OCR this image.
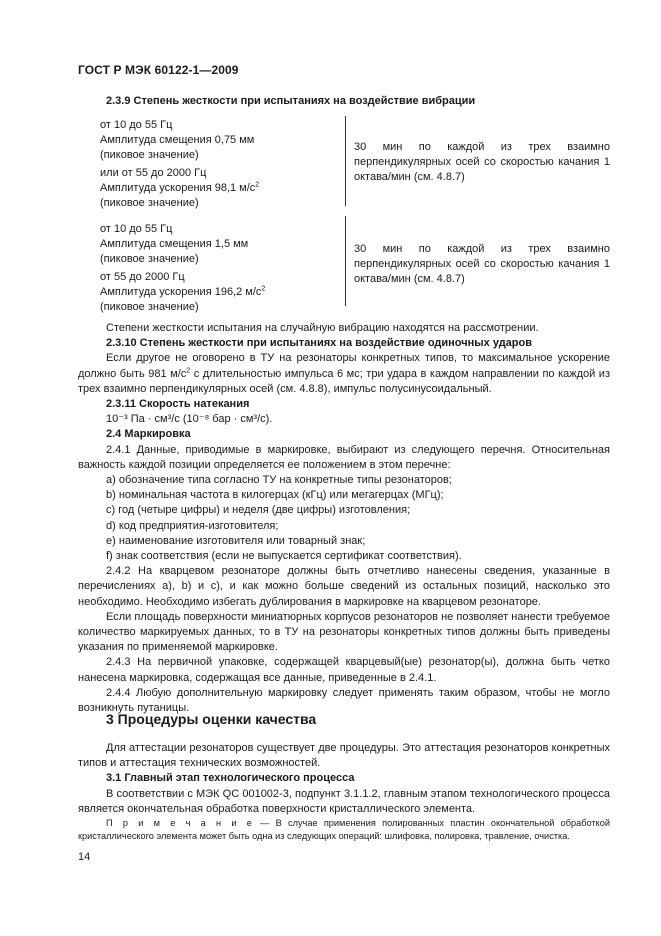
ГОСТ Р МЭК 60122-1—2009
2.3.9 Степень жесткости при испытаниях на воздействие вибрации
от 10 до 55 Гц
Амплитуда смещения 0,75 мм
(пиковое значение)
или от 55 до 2000 Гц
Амплитуда ускорения 98,1 $м/с^2$
(пиковое значение)
30 мин по каждой из трех взаимно перпендикулярных осей со скоростью качания 1 октава/мин (см. 4.8.7)
от 10 до 55 Гц
Амплитуда смещения 1,5 мм
(пиковое значение)
от 55 до 2000 Гц
Амплитуда ускорения 196,2 $м/с^2$
(пиковое значение)
30 мин по каждой из трех взаимно перпендикулярных осей со скоростью качания 1 октава/мин (см. 4.8.7)
Степени жесткости испытания на случайную вибрацию находятся на рассмотрении.
2.3.10 Степень жесткости при испытаниях на воздействие одиночных ударов
Если другое не оговорено в ТУ на резонаторы конкретных типов, то максимальное ускорение должно быть 981 $м/с^2$ с длительностью импульса 6 мс; три удара в каждом направлении по каждой из трех взаимно перпендикулярных осей (см. 4.8.8), импульс полусинусоидальный.
2.3.11 Скорость натекания
10⁻³ Па · см³/с (10⁻⁸ бар · см³/с).
2.4 Маркировка
2.4.1 Данные, приводимые в маркировке, выбирают из следующего перечня. Относительная важность каждой позиции определяется ее положением в этом перечне:
a) обозначение типа согласно ТУ на конкретные типы резонаторов;
b) номинальная частота в килогерцах (кГц) или мегагерцах (МГц);
c) год (четыре цифры) и неделя (две цифры) изготовления;
d) код предприятия-изготовителя;
e) наименование изготовителя или товарный знак;
f) знак соответствия (если не выпускается сертификат соответствия).
2.4.2 На кварцевом резонаторе должны быть отчетливо нанесены сведения, указанные в перечислениях a), b) и c), и как можно больше сведений из остальных позиций, насколько это необходимо. Необходимо избегать дублирования в маркировке на кварцевом резонаторе.
Если площадь поверхности миниатюрных корпусов резонаторов не позволяет нанести требуемое количество маркируемых данных, то в ТУ на резонаторы конкретных типов должны быть приведены указания по применяемой маркировке.
2.4.3 На первичной упаковке, содержащей кварцевый(ые) резонатор(ы), должна быть четко нанесена маркировка, содержащая все данные, приведенные в 2.4.1.
2.4.4 Любую дополнительную маркировку следует применять таким образом, чтобы не могло возникнуть путаницы.
3 Процедуры оценки качества
Для аттестации резонаторов существует две процедуры. Это аттестация резонаторов конкретных типов и аттестация технических возможностей.
3.1 Главный этап технологического процесса
В соответствии с МЭК QC 001002-3, подпункт 3.1.1.2, главным этапом технологического процесса является окончательная обработка поверхности кристаллического элемента.
П р и м е ч а н и е — В случае применения полированных пластин окончательной обработкой кристаллического элемента может быть одна из следующих операций: шлифовка, полировка, травление, очистка.
14
